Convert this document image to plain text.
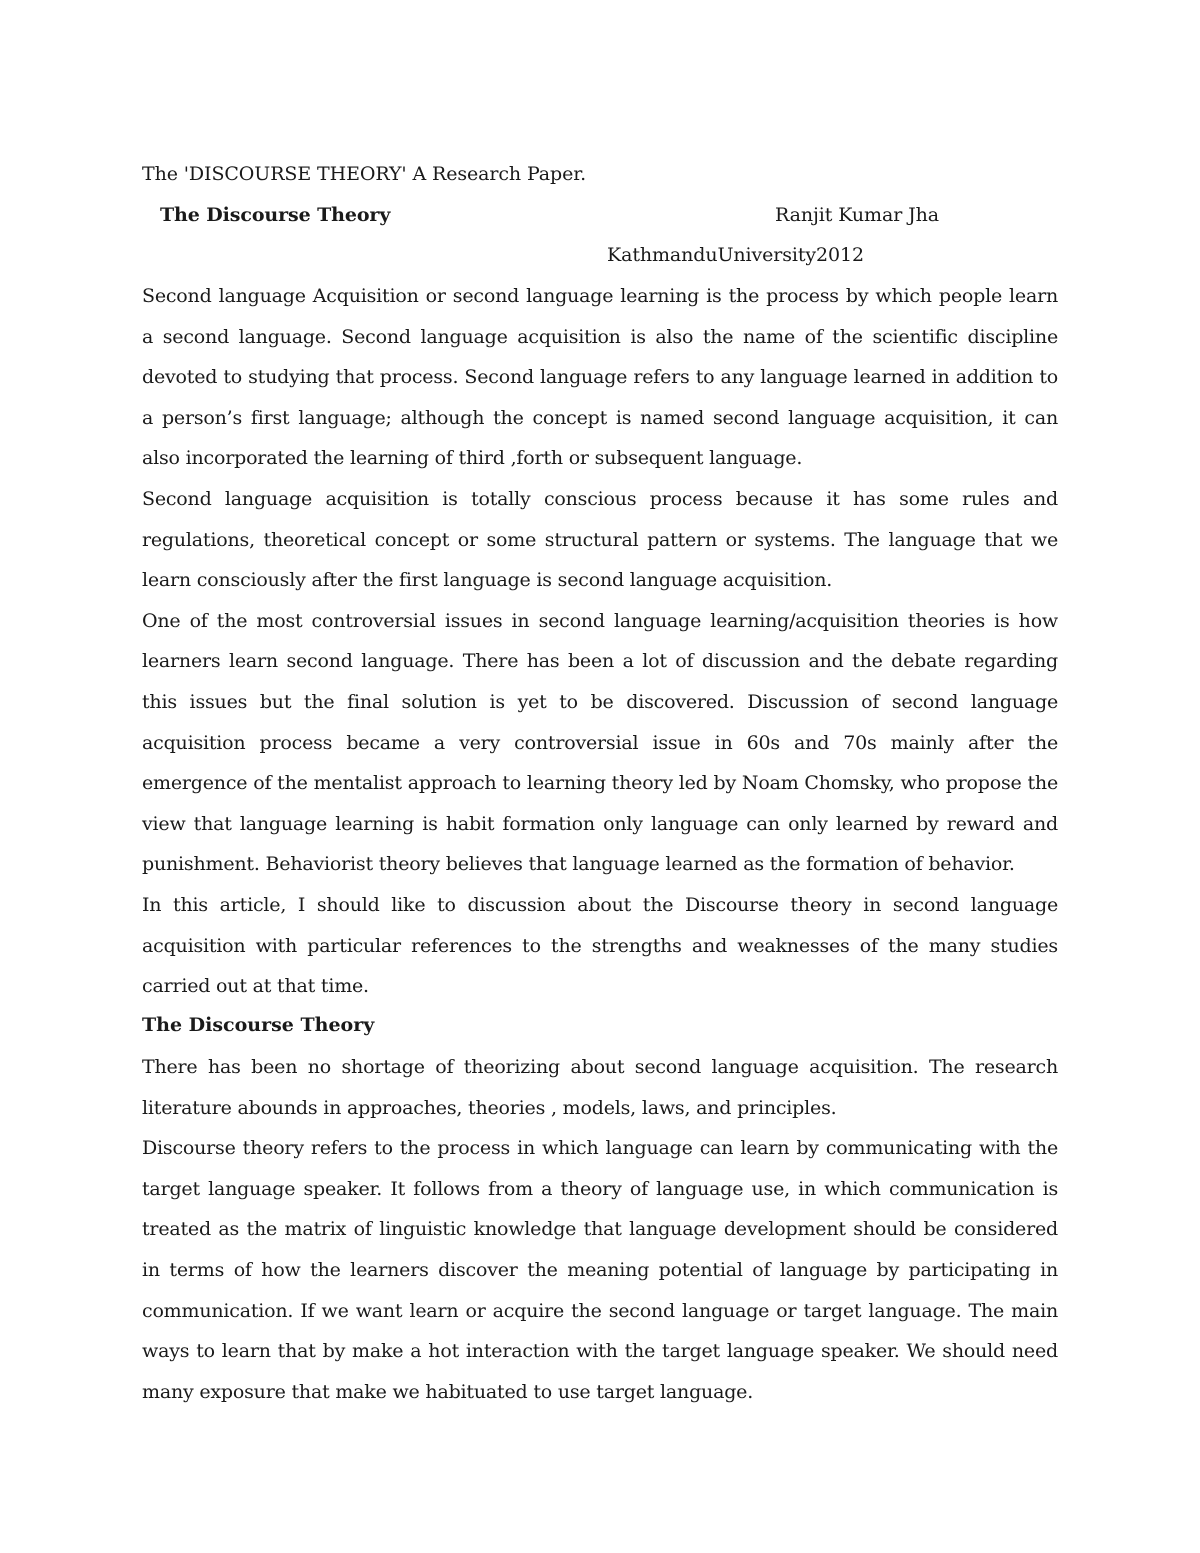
The 'DISCOURSE THEORY' A Research Paper.
The Discourse Theory	Ranjit Kumar Jha
KathmanduUniversity2012

Second language Acquisition or second language learning is the process by which people learn a second language. Second language acquisition is also the name of the scientific discipline devoted to studying that process. Second language refers to any language learned in addition to a person’s first language; although the concept is named second language acquisition, it can also incorporated the learning of third ,forth or subsequent language.

Second language acquisition is totally conscious process because it has some rules and regulations, theoretical concept or some structural pattern or systems. The language that we learn consciously after the first language is second language acquisition.

One of the most controversial issues in second language learning/acquisition theories is how learners learn second language. There has been a lot of discussion and the debate regarding this issues but the final solution is yet to be discovered. Discussion of second language acquisition process became a very controversial issue in 60s and 70s mainly after the emergence of the mentalist approach to learning theory led by Noam Chomsky, who propose the view that language learning is habit formation only language can only learned by reward and punishment. Behaviorist theory believes that language learned as the formation of behavior.

In this article, I should like to discussion about the Discourse theory in second language acquisition with particular references to the strengths and weaknesses of the many studies carried out at that time.

The Discourse Theory

There has been no shortage of theorizing about second language acquisition. The research literature abounds in approaches, theories , models, laws, and principles.

Discourse theory refers to the process in which language can learn by communicating with the target language speaker. It follows from a theory of language use, in which communication is treated as the matrix of linguistic knowledge that language development should be considered in terms of how the learners discover the meaning potential of language by participating in communication. If we want learn or acquire the second language or target language. The main ways to learn that by make a hot interaction with the target language speaker. We should need many exposure that make we habituated to use target language.
